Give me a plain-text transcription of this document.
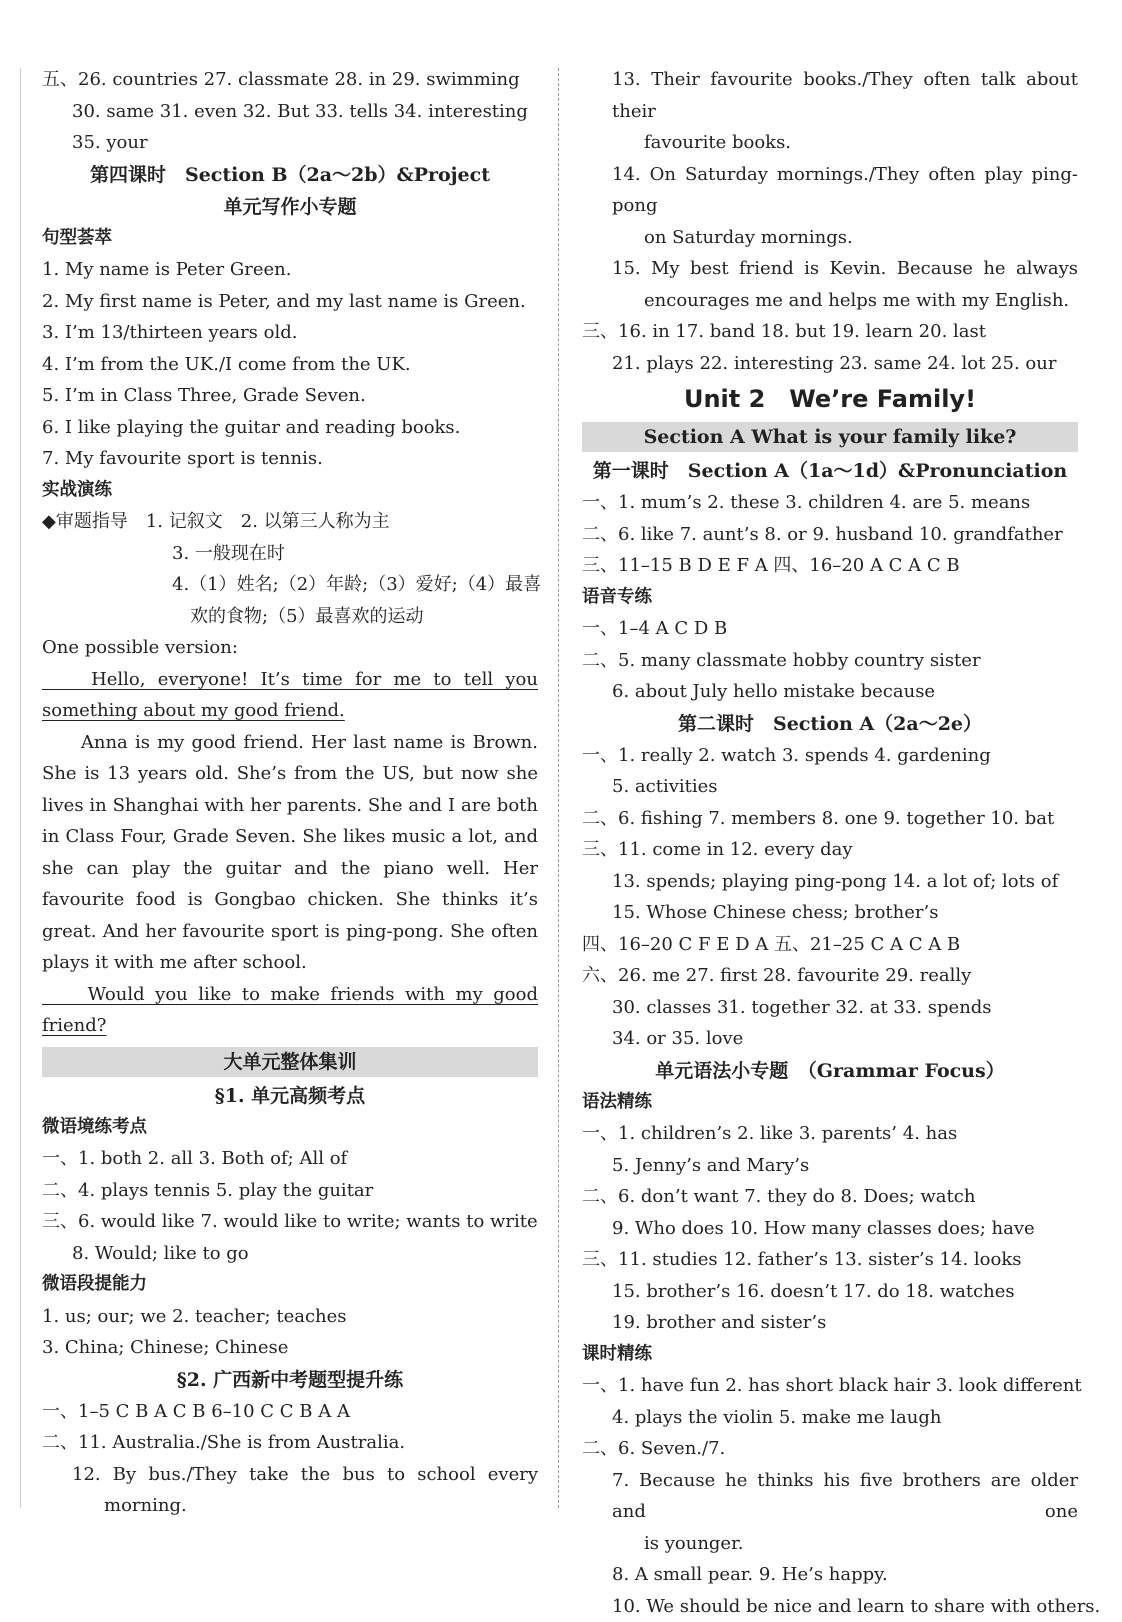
五、26. countries 27. classmate 28. in 29. swimming
30. same 31. even 32. But 33. tells 34. interesting
35. your
第四课时　Section B（2a～2b）&Project
单元写作小专题
句型荟萃
1. My name is Peter Green.
2. My first name is Peter, and my last name is Green.
3. I’m 13/thirteen years old.
4. I’m from the UK./I come from the UK.
5. I’m in Class Three, Grade Seven.
6. I like playing the guitar and reading books.
7. My favourite sport is tennis.
实战演练
◆审题指导　1. 记叙文　2. 以第三人称为主
3. 一般现在时
4.（1）姓名;（2）年龄;（3）爱好;（4）最喜
　欢的食物;（5）最喜欢的运动
One possible version:
　　Hello, everyone! It’s time for me to tell you something about my good friend.
　　Anna is my good friend. Her last name is Brown. She is 13 years old. She’s from the US, but now she lives in Shanghai with her parents. She and I are both in Class Four, Grade Seven. She likes music a lot, and she can play the guitar and the piano well. Her favourite food is Gongbao chicken. She thinks it’s great. And her favourite sport is ping-pong. She often plays it with me after school.
　　Would you like to make friends with my good friend?
大单元整体集训
§1. 单元高频考点
微语境练考点
一、1. both 2. all 3. Both of; All of
二、4. plays tennis 5. play the guitar
三、6. would like 7. would like to write; wants to write
8. Would; like to go
微语段提能力
1. us; our; we 2. teacher; teaches
3. China; Chinese; Chinese
§2. 广西新中考题型提升练
一、1–5 C B A C B 6–10 C C B A A
二、11. Australia./She is from Australia.
12. By bus./They take the bus to school every
morning.
13. Their favourite books./They often talk about their
favourite books.
14. On Saturday mornings./They often play ping-pong
on Saturday mornings.
15. My best friend is Kevin. Because he always
encourages me and helps me with my English.
三、16. in 17. band 18. but 19. learn 20. last
21. plays 22. interesting 23. same 24. lot 25. our
Unit 2　We’re Family!
Section A What is your family like?
第一课时　Section A（1a～1d）&Pronunciation
一、1. mum’s 2. these 3. children 4. are 5. means
二、6. like 7. aunt’s 8. or 9. husband 10. grandfather
三、11–15 B D E F A 四、16–20 A C A C B
语音专练
一、1–4 A C D B
二、5. many classmate hobby country sister
6. about July hello mistake because
第二课时　Section A（2a～2e）
一、1. really 2. watch 3. spends 4. gardening
5. activities
二、6. fishing 7. members 8. one 9. together 10. bat
三、11. come in 12. every day
13. spends; playing ping-pong 14. a lot of; lots of
15. Whose Chinese chess; brother’s
四、16–20 C F E D A 五、21–25 C A C A B
六、26. me 27. first 28. favourite 29. really
30. classes 31. together 32. at 33. spends
34. or 35. love
单元语法小专题　（Grammar Focus）
语法精练
一、1. children’s 2. like 3. parents’ 4. has
5. Jenny’s and Mary’s
二、6. don’t want 7. they do 8. Does; watch
9. Who does 10. How many classes does; have
三、11. studies 12. father’s 13. sister’s 14. looks
15. brother’s 16. doesn’t 17. do 18. watches
19. brother and sister’s
课时精练
一、1. have fun 2. has short black hair 3. look different
4. plays the violin 5. make me laugh
二、6. Seven./7.
7. Because he thinks his five brothers are older and one
is younger.
8. A small pear. 9. He’s happy.
10. We should be nice and learn to share with others.
